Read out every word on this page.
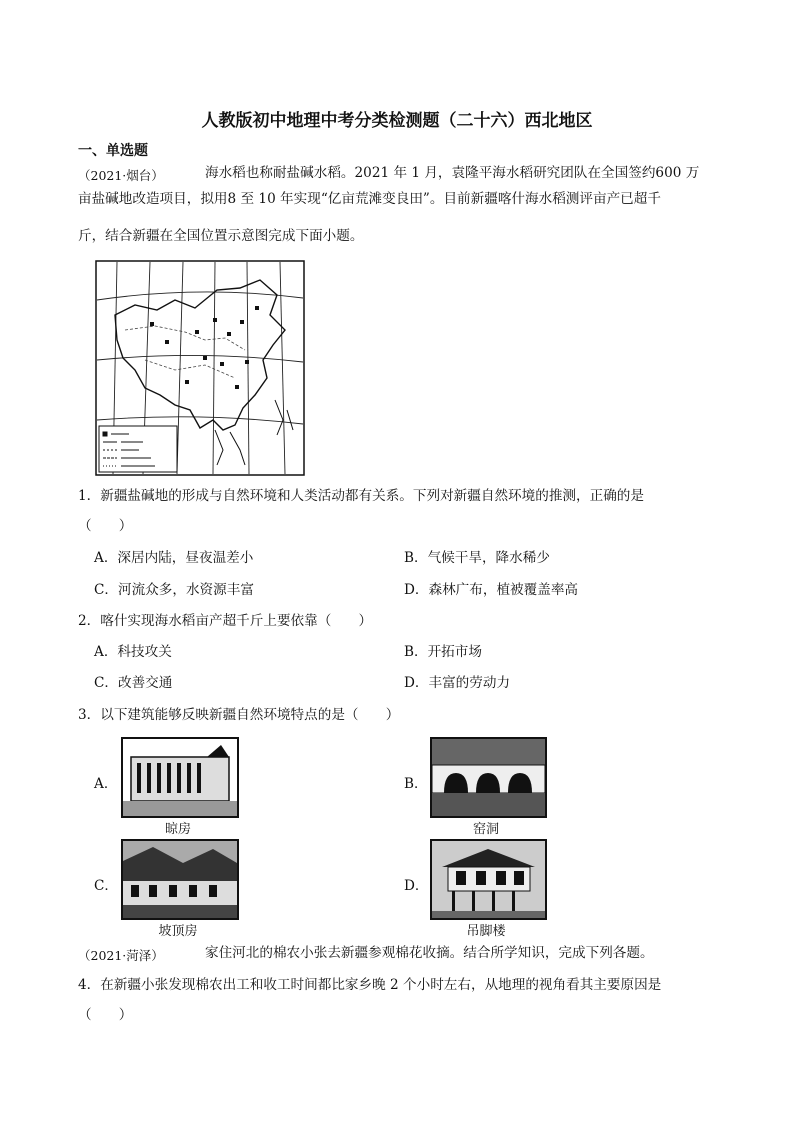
人教版初中地理中考分类检测题（二十六）西北地区
一、单选题
（2021·烟台）	海水稻也称耐盐碱水稻。2021 年 1 月，袁隆平海水稻研究团队在全国签约600 万
亩盐碱地改造项目，拟用8 至 10 年实现“亿亩荒滩变良田”。目前新疆喀什海水稻测评亩产已超千
斤，结合新疆在全国位置示意图完成下面小题。
1．新疆盐碱地的形成与自然环境和人类活动都有关系。下列对新疆自然环境的推测，正确的是
（　　）
A．深居内陆，昼夜温差小	B．气候干旱，降水稀少
C．河流众多，水资源丰富	D．森林广布，植被覆盖率高
2．喀什实现海水稻亩产超千斤上要依靠（　　）
A．科技攻关	B．开拓市场
C．改善交通	D．丰富的劳动力
3．以下建筑能够反映新疆自然环境特点的是（　　）
A．
晾房
B．
窑洞
C．
坡顶房
D．
吊脚楼
（2021·菏泽）	家住河北的棉农小张去新疆参观棉花收摘。结合所学知识，完成下列各题。
4．在新疆小张发现棉农出工和收工时间都比家乡晚 2 个小时左右，从地理的视角看其主要原因是
（　　）
